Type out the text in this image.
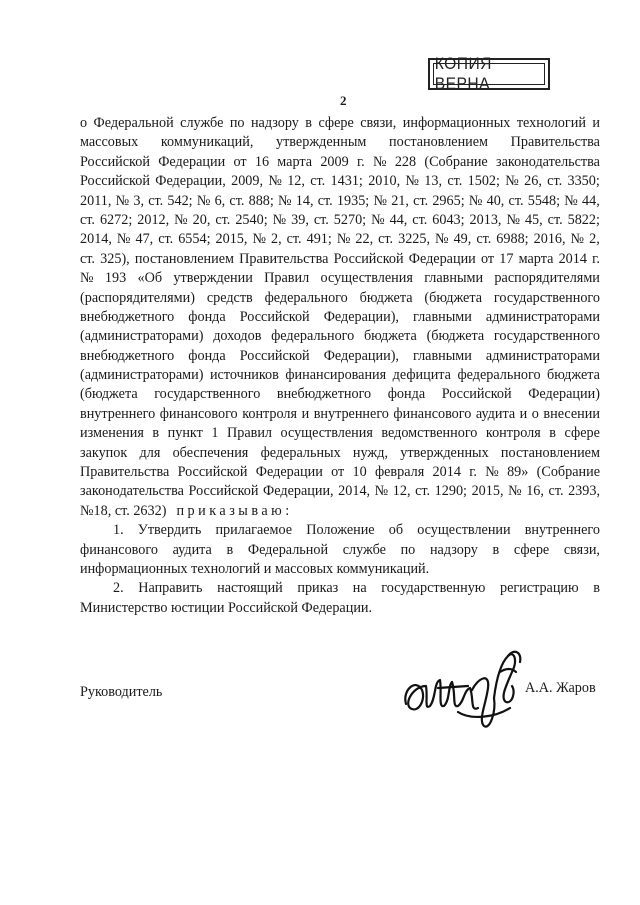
КОПИЯ ВЕРНА
2
о Федеральной службе по надзору в сфере связи, информационных технологий и
массовых коммуникаций, утвержденным постановлением Правительства
Российской Федерации от 16 марта 2009 г. № 228 (Собрание законодательства
Российской Федерации, 2009, № 12, ст. 1431; 2010, № 13, ст. 1502; № 26, ст. 3350;
2011, № 3, ст. 542; № 6, ст. 888; № 14, ст. 1935; № 21, ст. 2965; № 40, ст. 5548; № 44,
ст. 6272; 2012, № 20, ст. 2540; № 39, ст. 5270; № 44, ст. 6043; 2013, № 45, ст. 5822;
2014, № 47, ст. 6554; 2015, № 2, ст. 491; № 22, ст. 3225, № 49, ст. 6988; 2016, № 2,
ст. 325), постановлением Правительства Российской Федерации от 17 марта 2014 г.
№ 193 «Об утверждении Правил осуществления главными распорядителями
(распорядителями) средств федерального бюджета (бюджета государственного
внебюджетного фонда Российской Федерации), главными администраторами
(администраторами) доходов федерального бюджета (бюджета государственного
внебюджетного фонда Российской Федерации), главными администраторами
(администраторами) источников финансирования дефицита федерального бюджета
(бюджета государственного внебюджетного фонда Российской Федерации)
внутреннего финансового контроля и внутреннего финансового аудита и о внесении
изменения в пункт 1 Правил осуществления ведомственного контроля в сфере
закупок для обеспечения федеральных нужд, утвержденных постановлением
Правительства Российской Федерации от 10 февраля 2014 г. № 89» (Собрание
законодательства Российской Федерации, 2014, № 12, ст. 1290; 2015, № 16, ст. 2393,
№18, ст. 2632) приказываю:
1. Утвердить прилагаемое Положение об осуществлении внутреннего
финансового аудита в Федеральной службе по надзору в сфере связи,
информационных технологий и массовых коммуникаций.
2. Направить настоящий приказ на государственную регистрацию в
Министерство юстиции Российской Федерации.
Руководитель	А.А. Жаров
